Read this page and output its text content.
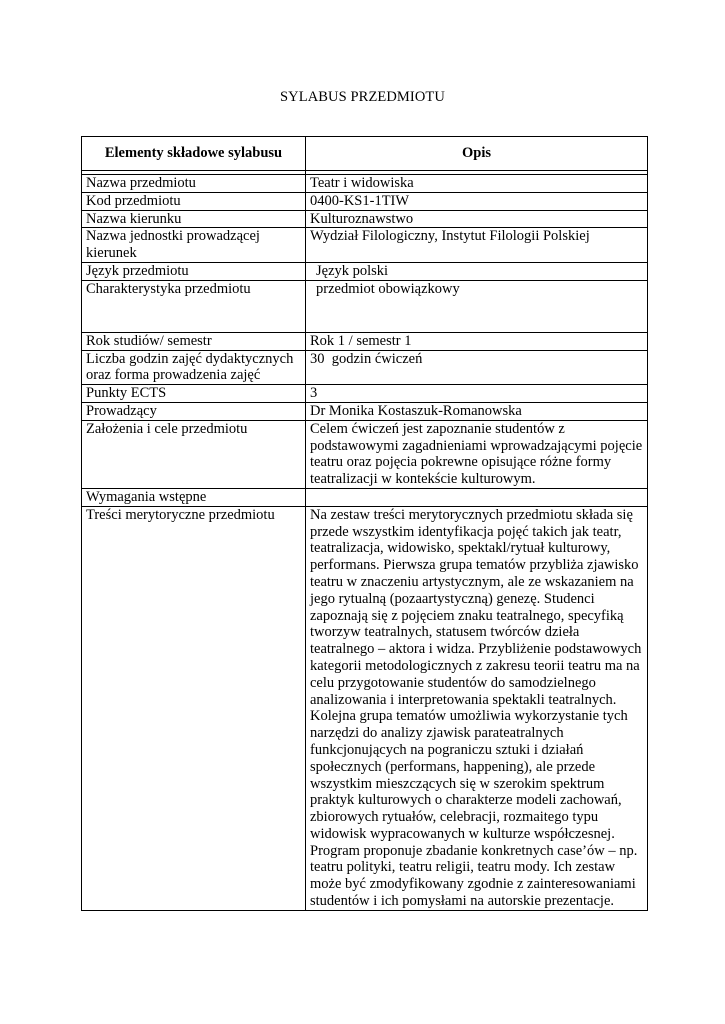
SYLABUS PRZEDMIOTU
Elementy składowe sylabusu	Opis

Nazwa przedmiotu	Teatr i widowiska
Kod przedmiotu	0400-KS1-1TIW
Nazwa kierunku	Kulturoznawstwo
Nazwa jednostki prowadzącej kierunek	Wydział Filologiczny, Instytut Filologii Polskiej
Język przedmiotu	Język polski
Charakterystyka przedmiotu	przedmiot obowiązkowy
Rok studiów/ semestr	Rok 1 / semestr 1
Liczba godzin zajęć dydaktycznych oraz forma prowadzenia zajęć	30  godzin ćwiczeń
Punkty ECTS	3
Prowadzący	Dr Monika Kostaszuk-Romanowska
Założenia i cele przedmiotu	Celem ćwiczeń jest zapoznanie studentów z podstawowymi zagadnieniami wprowadzającymi pojęcie teatru oraz pojęcia pokrewne opisujące różne formy teatralizacji w kontekście kulturowym.
Wymagania wstępne	
Treści merytoryczne przedmiotu	Na zestaw treści merytorycznych przedmiotu składa się przede wszystkim identyfikacja pojęć takich jak teatr, teatralizacja, widowisko, spektakl/rytuał kulturowy, performans. Pierwsza grupa tematów przybliża zjawisko teatru w znaczeniu artystycznym, ale ze wskazaniem na jego rytualną (pozaartystyczną) genezę. Studenci zapoznają się z pojęciem znaku teatralnego, specyfiką tworzyw teatralnych, statusem twórców dzieła teatralnego – aktora i widza. Przybliżenie podstawowych kategorii metodologicznych z zakresu teorii teatru ma na celu przygotowanie studentów do samodzielnego analizowania i interpretowania spektakli teatralnych.

Kolejna grupa tematów umożliwia wykorzystanie tych narzędzi do analizy zjawisk parateatralnych funkcjonujących na pograniczu sztuki i działań społecznych (performans, happening), ale przede wszystkim mieszczących się w szerokim spektrum praktyk kulturowych o charakterze modeli zachowań, zbiorowych rytuałów, celebracji, rozmaitego typu widowisk wypracowanych w kulturze współczesnej.

Program proponuje zbadanie konkretnych case’ów – np. teatru polityki, teatru religii, teatru mody. Ich zestaw może być zmodyfikowany zgodnie z zainteresowaniami studentów i ich pomysłami na autorskie prezentacje.
